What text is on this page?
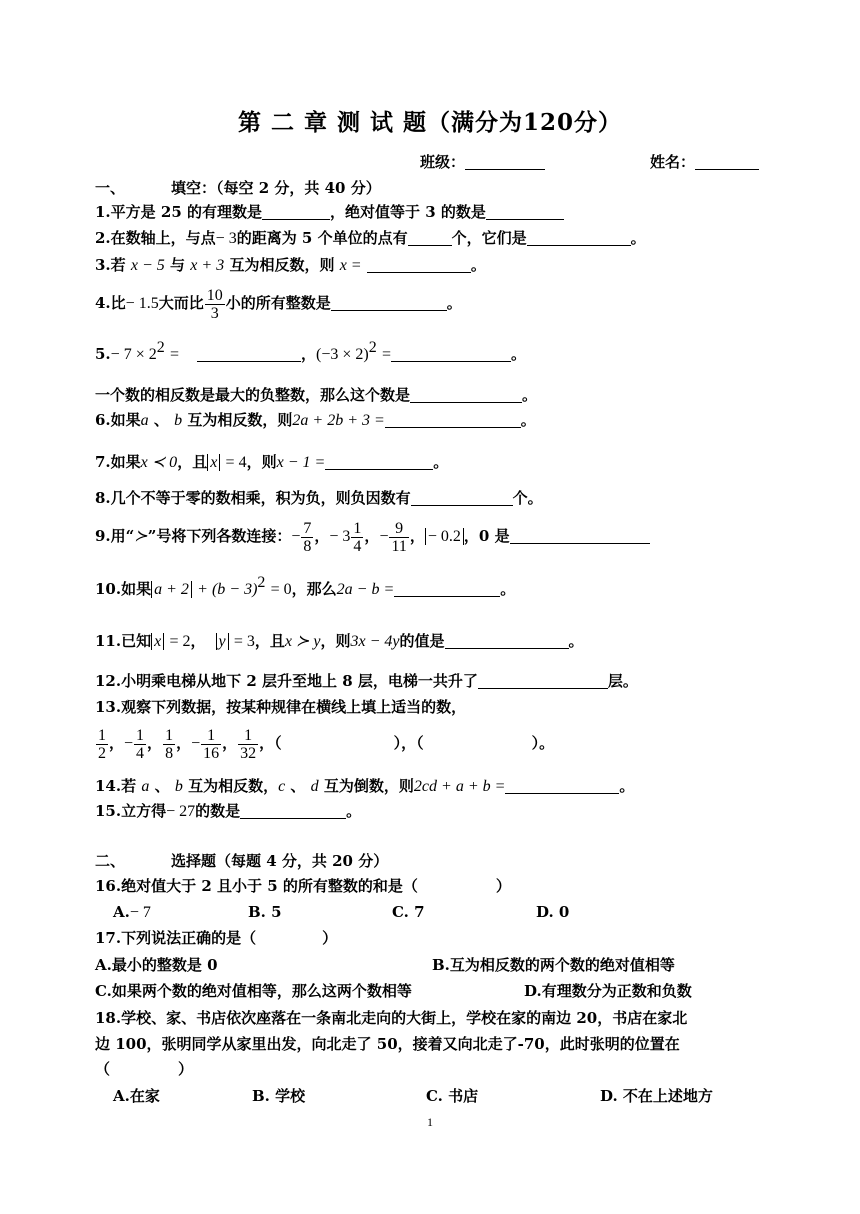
第 二 章 测 试 题（满分为120分）
班级：	姓名：
一、	填空：（每空 2 分，共 40 分）
1.平方是 25 的有理数是	，绝对值等于 3 的数是
2.在数轴上，与点− 3的距离为 5 个单位的点有	个，它们是	。
3.若 x − 5 与 x + 3 互为相反数，则 x =	。
4.比− 1.5大而比 $\frac{10}{3}$ 小的所有整数是	。
$5.- 7 \times 2^2$ =	，$(-3 \times 2)^2$ =	。
一个数的相反数是最大的负整数，那么这个数是	。
6.如果a 、 b 互为相反数，则2a + 2b + 3 =	。
7.如果x ≺ 0，且 x = 4，则x − 1 =	。
8.几个不等于零的数相乘，积为负，则负因数有	个。
9.用“≻”号将下列各数连接：− $\frac{7}{8}$ ，− $3 \frac{1}{4}$ ，− $\frac{9}{11}$ ， − 0.2 ，0 是
10.如果 $a + 2 + (b - 3)^2 = 0$，那么2a − b =	。
11.已知 x = 2， y = 3，且x ≻ y，则3x − 4y的值是	。
12.小明乘电梯从地下 2 层升至地上 8 层，电梯一共升了	层。
13.观察下列数据，按某种规律在横线上填上适当的数，
$\frac{1}{2}$ ，− $\frac{1}{4}$ ， $\frac{1}{8}$ ，− $\frac{1}{16}$ ， $\frac{1}{32}$ ，（	），（	）。
14.若 a 、 b 互为相反数，c 、 d 互为倒数，则2cd + a + b =	。
15.立方得− 27的数是	。
二、	选择题（每题 4 分，共 20 分）
16.绝对值大于 2 且小于 5 的所有整数的和是（	）
A.− 7	B. 5	C. 7	D. 0
17.下列说法正确的是（	）
A.最小的整数是 0	B.互为相反数的两个数的绝对值相等
C.如果两个数的绝对值相等，那么这两个数相等	D.有理数分为正数和负数
18.学校、家、书店依次座落在一条南北走向的大街上，学校在家的南边 20，书店在家北
边 100，张明同学从家里出发，向北走了 50，接着又向北走了-70，此时张明的位置在
（	）
A.在家	B. 学校	C. 书店	D. 不在上述地方
1
